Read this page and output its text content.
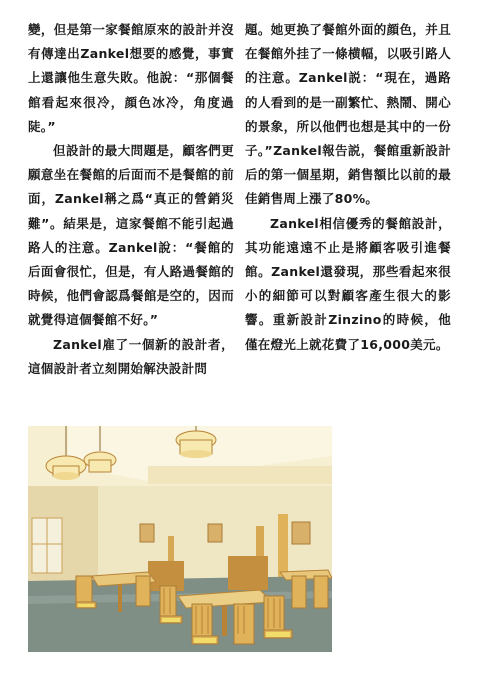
變，但是第一家餐館原來的設計并沒有傳達出Zankel想要的感覺，事實上還讓他生意失敗。他說：“那個餐館看起來很冷，顔色冰冷，角度過陡。”

但設計的最大問題是，顧客們更願意坐在餐館的后面而不是餐館的前面，Zankel稱之爲“真正的營銷災難”。結果是，這家餐館不能引起過路人的注意。Zankel說：“餐館的后面會很忙，但是，有人路過餐館的時候，他們會認爲餐館是空的，因而就覺得這個餐館不好。”

Zankel雇了一個新的設計者，這個設計者立刻開始解決設計問

題。她更换了餐館外面的顔色，并且在餐館外挂了一條横幅，以吸引路人的注意。Zankel説：“現在，過路的人看到的是一副繁忙、熱鬧、開心的景象，所以他們也想是其中的一份子。”Zankel報告説，餐館重新設計后的第一個星期，銷售額比以前的最佳銷售周上漲了80%。

Zankel相信優秀的餐館設計，其功能遠遠不止是將顧客吸引進餐館。Zankel還發現，那些看起來很小的細節可以對顧客產生很大的影響。重新設計Zinzino的時候，他僅在燈光上就花費了16,000美元。
